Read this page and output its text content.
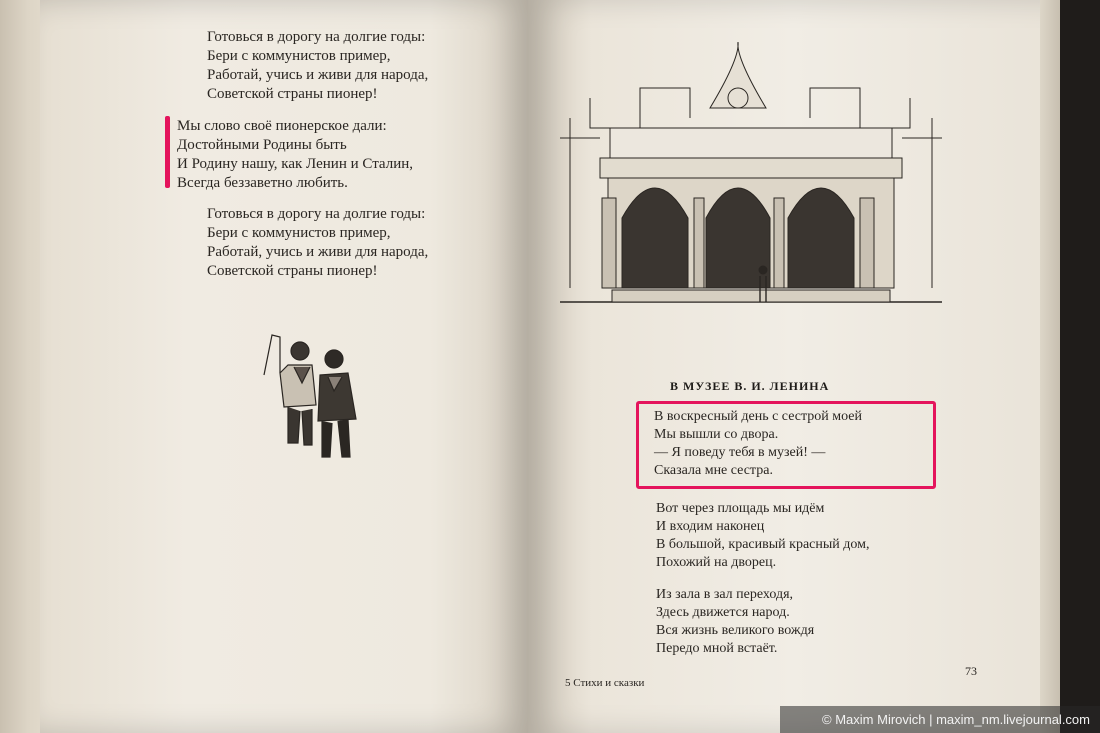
Готовься в дорогу на долгие годы:
Бери с коммунистов пример,
Работай, учись и живи для народа,
Советской страны пионер!
Мы слово своё пионерское дали:
Достойными Родины быть
И Родину нашу, как Ленин и Сталин,
Всегда беззаветно любить.
Готовься в дорогу на долгие годы:
Бери с коммунистов пример,
Работай, учись и живи для народа,
Советской страны пионер!
В МУЗЕЕ В. И. ЛЕНИНА
В воскресный день с сестрой моей
Мы вышли со двора.
— Я поведу тебя в музей! —
Сказала мне сестра.
Вот через площадь мы идём
И входим наконец
В большой, красивый красный дом,
Похожий на дворец.
Из зала в зал переходя,
Здесь движется народ.
Вся жизнь великого вождя
Передо мной встаёт.
5 Стихи и сказки
73
© Maxim Mirovich | maxim_nm.livejournal.com
